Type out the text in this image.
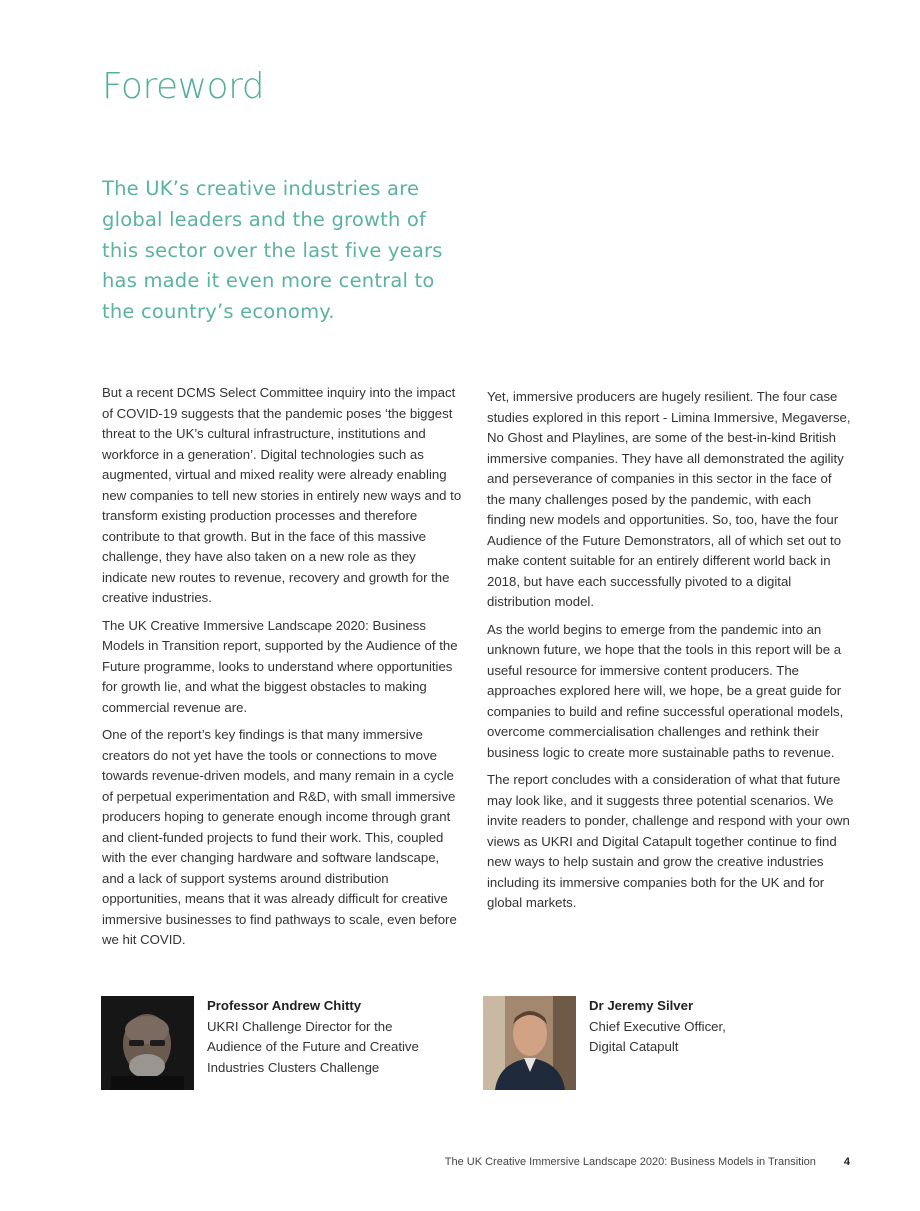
Foreword

The UK’s creative industries are global leaders and the growth of this sector over the last five years has made it even more central to the country’s economy.

But a recent DCMS Select Committee inquiry into the impact of COVID-19 suggests that the pandemic poses ‘the biggest threat to the UK’s cultural infrastructure, institutions and workforce in a generation’. Digital technologies such as augmented, virtual and mixed reality were already enabling new companies to tell new stories in entirely new ways and to transform existing production processes and therefore contribute to that growth. But in the face of this massive challenge, they have also taken on a new role as they indicate new routes to revenue, recovery and growth for the creative industries.

The UK Creative Immersive Landscape 2020: Business Models in Transition report, supported by the Audience of the Future programme, looks to understand where opportunities for growth lie, and what the biggest obstacles to making commercial revenue are.

One of the report’s key findings is that many immersive creators do not yet have the tools or connections to move towards revenue-driven models, and many remain in a cycle of perpetual experimentation and R&D, with small immersive producers hoping to generate enough income through grant and client-funded projects to fund their work. This, coupled with the ever changing hardware and software landscape, and a lack of support systems around distribution opportunities, means that it was already difficult for creative immersive businesses to find pathways to scale, even before we hit COVID.

Yet, immersive producers are hugely resilient. The four case studies explored in this report - Limina Immersive, Megaverse, No Ghost and Playlines, are some of the best-in-kind British immersive companies. They have all demonstrated the agility and perseverance of companies in this sector in the face of the many challenges posed by the pandemic, with each finding new models and opportunities. So, too, have the four Audience of the Future Demonstrators, all of which set out to make content suitable for an entirely different world back in 2018, but have each successfully pivoted to a digital distribution model.

As the world begins to emerge from the pandemic into an unknown future, we hope that the tools in this report will be a useful resource for immersive content producers. The approaches explored here will, we hope, be a great guide for companies to build and refine successful operational models, overcome commercialisation challenges and rethink their business logic to create more sustainable paths to revenue.

The report concludes with a consideration of what that future may look like, and it suggests three potential scenarios. We invite readers to ponder, challenge and respond with your own views as UKRI and Digital Catapult together continue to find new ways to help sustain and grow the creative industries including its immersive companies both for the UK and for global markets.

Professor Andrew Chitty
UKRI Challenge Director for the
Audience of the Future and Creative
Industries Clusters Challenge
Dr Jeremy Silver
Chief Executive Officer,
Digital Catapult
The UK Creative Immersive Landscape 2020: Business Models in Transition	4
